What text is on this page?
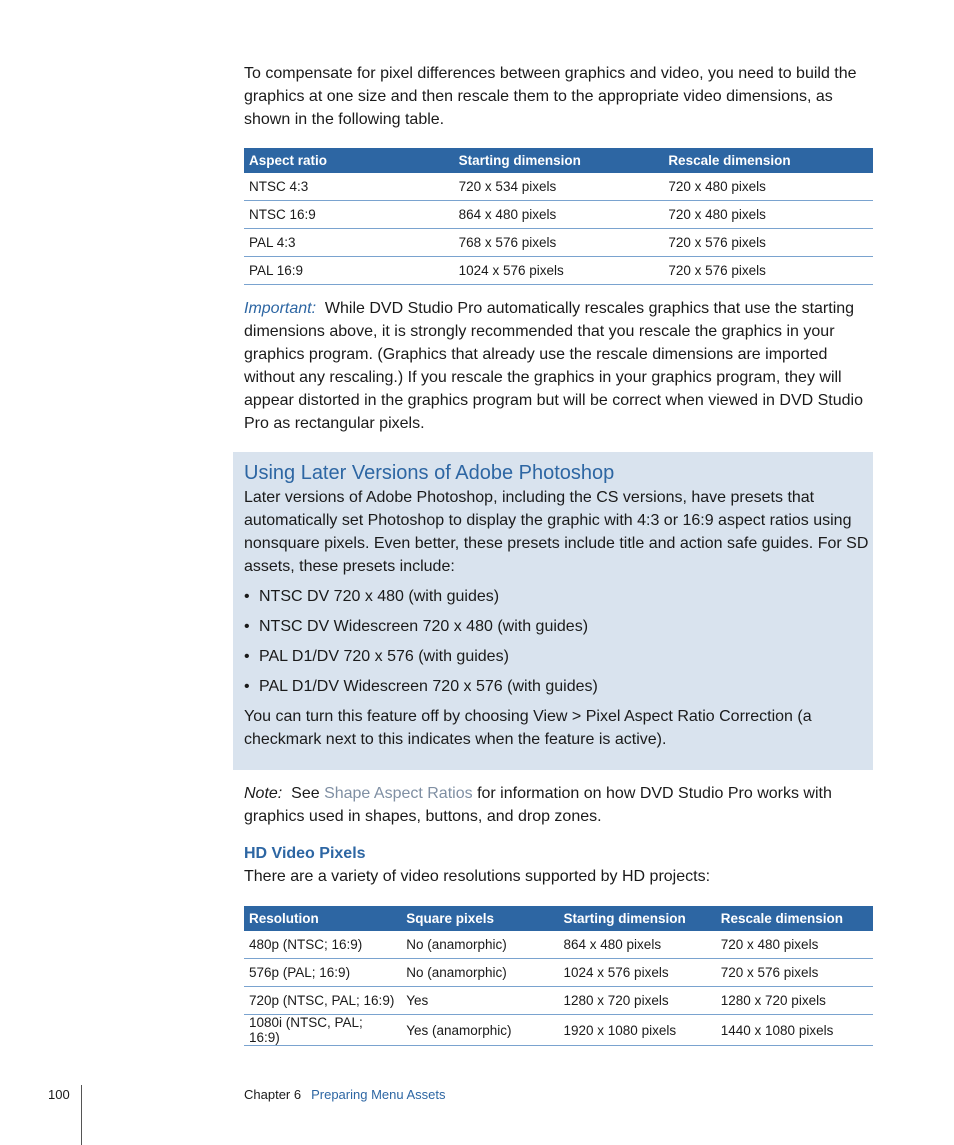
To compensate for pixel differences between graphics and video, you need to build the graphics at one size and then rescale them to the appropriate video dimensions, as shown in the following table.

Aspect ratio	Starting dimension	Rescale dimension
NTSC 4:3	720 x 534 pixels	720 x 480 pixels
NTSC 16:9	864 x 480 pixels	720 x 480 pixels
PAL 4:3	768 x 576 pixels	720 x 576 pixels
PAL 16:9	1024 x 576 pixels	720 x 576 pixels

Important: While DVD Studio Pro automatically rescales graphics that use the starting dimensions above, it is strongly recommended that you rescale the graphics in your graphics program. (Graphics that already use the rescale dimensions are imported without any rescaling.) If you rescale the graphics in your graphics program, they will appear distorted in the graphics program but will be correct when viewed in DVD Studio Pro as rectangular pixels.

Using Later Versions of Adobe Photoshop

Later versions of Adobe Photoshop, including the CS versions, have presets that automatically set Photoshop to display the graphic with 4:3 or 16:9 aspect ratios using nonsquare pixels. Even better, these presets include title and action safe guides. For SD assets, these presets include:

• NTSC DV 720 x 480 (with guides)
• NTSC DV Widescreen 720 x 480 (with guides)
• PAL D1/DV 720 x 576 (with guides)
• PAL D1/DV Widescreen 720 x 576 (with guides)

You can turn this feature off by choosing View > Pixel Aspect Ratio Correction (a checkmark next to this indicates when the feature is active).

Note: See Shape Aspect Ratios for information on how DVD Studio Pro works with graphics used in shapes, buttons, and drop zones.

HD Video Pixels

There are a variety of video resolutions supported by HD projects:

Resolution	Square pixels	Starting dimension	Rescale dimension
480p (NTSC; 16:9)	No (anamorphic)	864 x 480 pixels	720 x 480 pixels
576p (PAL; 16:9)	No (anamorphic)	1024 x 576 pixels	720 x 576 pixels
720p (NTSC, PAL; 16:9)	Yes	1280 x 720 pixels	1280 x 720 pixels
1080i (NTSC, PAL; 16:9)	Yes (anamorphic)	1920 x 1080 pixels	1440 x 1080 pixels
100	Chapter 6 Preparing Menu Assets
